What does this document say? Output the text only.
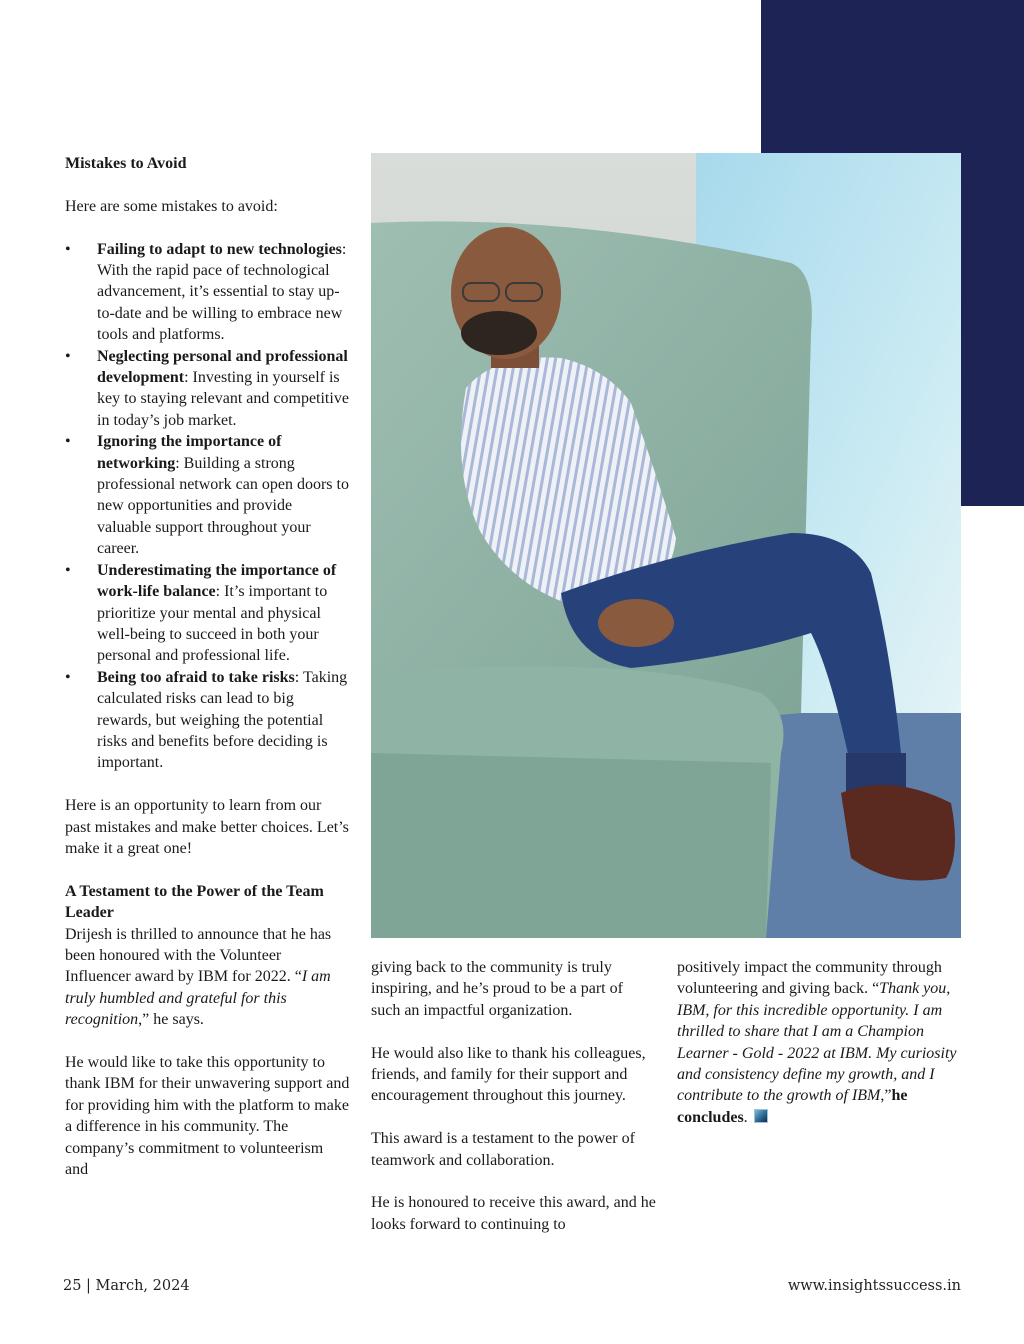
Mistakes to Avoid

Here are some mistakes to avoid:

• Failing to adapt to new technologies: With the rapid pace of technological advancement, it’s essential to stay up-to-date and be willing to embrace new tools and platforms.
• Neglecting personal and professional development: Investing in yourself is key to staying relevant and competitive in today’s job market.
• Ignoring the importance of networking: Building a strong professional network can open doors to new opportunities and provide valuable support throughout your career.
• Underestimating the importance of work-life balance: It’s important to prioritize your mental and physical well-being to succeed in both your personal and professional life.
• Being too afraid to take risks: Taking calculated risks can lead to big rewards, but weighing the potential risks and benefits before deciding is important.

Here is an opportunity to learn from our past mistakes and make better choices. Let’s make it a great one!

A Testament to the Power of the Team Leader

Drijesh is thrilled to announce that he has been honoured with the Volunteer Influencer award by IBM for 2022. “I am truly humbled and grateful for this recognition,” he says.

He would like to take this opportunity to thank IBM for their unwavering support and for providing him with the platform to make a difference in his community. The company’s commitment to volunteerism and

giving back to the community is truly inspiring, and he’s proud to be a part of such an impactful organization.

He would also like to thank his colleagues, friends, and family for their support and encouragement throughout this journey.

This award is a testament to the power of teamwork and collaboration.

He is honoured to receive this award, and he looks forward to continuing to

positively impact the community through volunteering and giving back. “Thank you, IBM, for this incredible opportunity. I am thrilled to share that I am a Champion Learner - Gold - 2022 at IBM. My curiosity and consistency define my growth, and I contribute to the growth of IBM,”he concludes.

25 | March, 2024	www.insightssuccess.in
